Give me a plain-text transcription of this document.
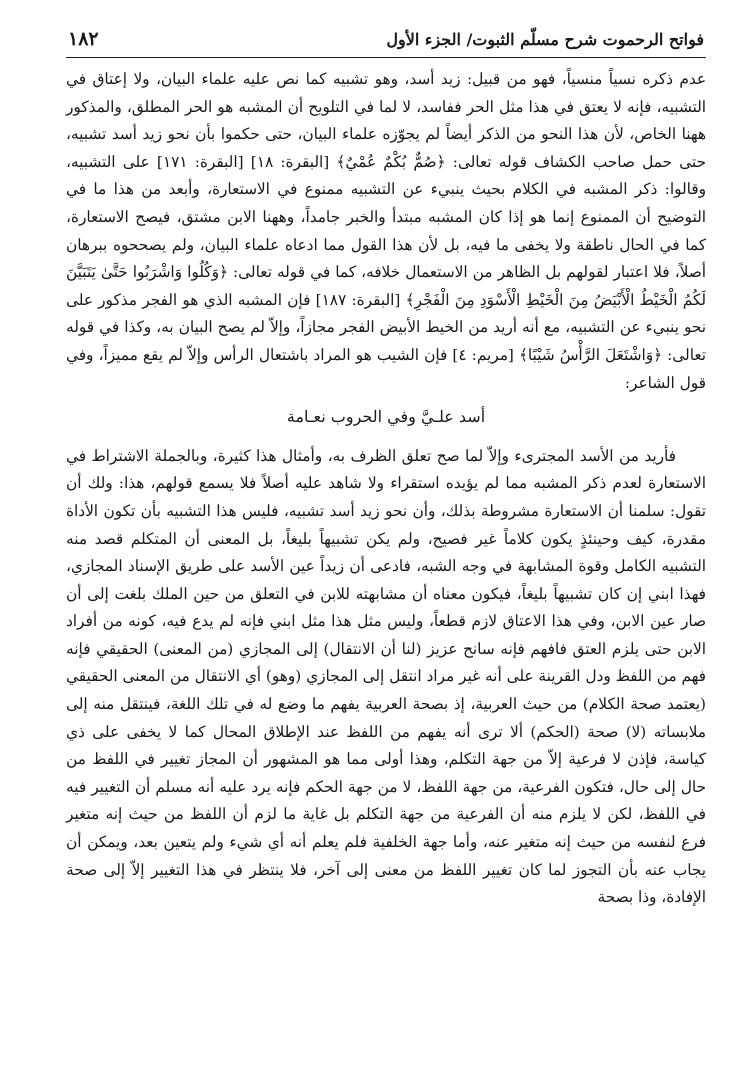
فواتح الرحموت شرح مسلّم الثبوت/ الجزء الأول
١٨٢

عدم ذكره نسياً منسياً، فهو من قبيل: زيد أسد، وهو تشبيه كما نص عليه علماء البيان، ولا إعتاق في التشبيه، فإنه لا يعتق في هذا مثل الحر ففاسد، لا لما في التلويح أن المشبه هو الحر المطلق، والمذكور ههنا الخاص، لأن هذا النحو من الذكر أيضاً لم يجوّزه علماء البيان، حتى حكموا بأن نحو زيد أسد تشبيه، حتى حمل صاحب الكشاف قوله تعالى: ﴿صُمٌّ بُكْمٌ عُمْيٌ﴾ [البقرة: ١٨] [البقرة: ١٧١] على التشبيه، وقالوا: ذكر المشبه في الكلام بحيث ينبيء عن التشبيه ممنوع في الاستعارة، وأبعد من هذا ما في التوضيح أن الممنوع إنما هو إذا كان المشبه مبتدأ والخبر جامداً، وههنا الابن مشتق، فيصح الاستعارة، كما في الحال ناطقة ولا يخفى ما فيه، بل لأن هذا القول مما ادعاه علماء البيان، ولم يصححوه ببرهان أصلاً، فلا اعتبار لقولهم بل الظاهر من الاستعمال خلافه، كما في قوله تعالى: ﴿وَكُلُوا وَاشْرَبُوا حَتَّىٰ يَتَبَيَّنَ لَكُمُ الْخَيْطُ الْأَبْيَضُ مِنَ الْخَيْطِ الْأَسْوَدِ مِنَ الْفَجْرِ﴾ [البقرة: ١٨٧] فإن المشبه الذي هو الفجر مذكور على نحو ينبيء عن التشبيه، مع أنه أريد من الخيط الأبيض الفجر مجازاً، وإلاّ لم يصح البيان به، وكذا في قوله تعالى: ﴿وَاشْتَعَلَ الرَّأْسُ شَيْبًا﴾ [مريم: ٤] فإن الشيب هو المراد باشتعال الرأس وإلاّ لم يقع مميزاً، وفي قول الشاعر:

أسد علـيَّ وفي الحروب نعـامة

فأريد من الأسد المجترىء وإلاّ لما صح تعلق الظرف به، وأمثال هذا كثيرة، وبالجملة الاشتراط في الاستعارة لعدم ذكر المشبه مما لم يؤيده استقراء ولا شاهد عليه أصلاً فلا يسمع قولهم، هذا: ولك أن تقول: سلمنا أن الاستعارة مشروطة بذلك، وأن نحو زيد أسد تشبيه، فليس هذا التشبيه بأن تكون الأداة مقدرة، كيف وحينئذٍ يكون كلاماً غير فصيح، ولم يكن تشبيهاً بليغاً، بل المعنى أن المتكلم قصد منه التشبيه الكامل وقوة المشابهة في وجه الشبه، فادعى أن زيداً عين الأسد على طريق الإسناد المجازي، فهذا ابني إن كان تشبيهاً بليغاً، فيكون معناه أن مشابهته للابن في التعلق من حين الملك بلغت إلى أن صار عين الابن، وفي هذا الاعتاق لازم قطعاً، وليس مثل هذا مثل ابني فإنه لم يدع فيه، كونه من أفراد الابن حتى يلزم العتق فافهم فإنه سانح عزيز (لنا أن الانتقال) إلى المجازي (من المعنى) الحقيقي فإنه فهم من اللفظ ودل القرينة على أنه غير مراد انتقل إلى المجازي (وهو) أي الانتقال من المعنى الحقيقي (يعتمد صحة الكلام) من حيث العربية، إذ بصحة العربية يفهم ما وضع له في تلك اللغة، فينتقل منه إلى ملابساته (لا) صحة (الحكم) ألا ترى أنه يفهم من اللفظ عند الإطلاق المحال كما لا يخفى على ذي كياسة، فإذن لا فرعية إلاّ من جهة التكلم، وهذا أولى مما هو المشهور أن المجاز تغيير في اللفظ من حال إلى حال، فتكون الفرعية، من جهة اللفظ، لا من جهة الحكم فإنه يرد عليه أنه مسلم أن التغيير فيه في اللفظ، لكن لا يلزم منه أن الفرعية من جهة التكلم بل غاية ما لزم أن اللفظ من حيث إنه متغير فرع لنفسه من حيث إنه متغير عنه، وأما جهة الخلفية فلم يعلم أنه أي شيء ولم يتعين بعد، ويمكن أن يجاب عنه بأن التجوز لما كان تغيير اللفظ من معنى إلى آخر، فلا ينتظر في هذا التغيير إلاّ إلى صحة الإفادة، وذا بصحة
